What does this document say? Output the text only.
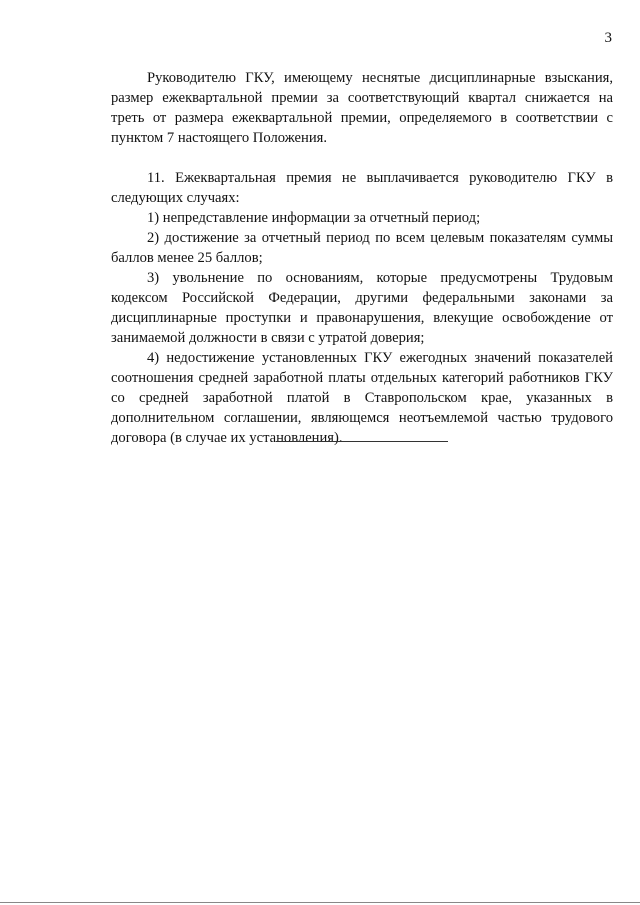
3

Руководителю ГКУ, имеющему неснятые дисциплинарные взыскания, размер ежеквартальной премии за соответствующий квартал снижается на треть от размера ежеквартальной премии, определяемого в соответствии с пунктом 7 настоящего Положения.

11. Ежеквартальная премия не выплачивается руководителю ГКУ в следующих случаях:

1) непредставление информации за отчетный период;

2) достижение за отчетный период по всем целевым показателям суммы баллов менее 25 баллов;

3) увольнение по основаниям, которые предусмотрены Трудовым кодексом Российской Федерации, другими федеральными законами за дисциплинарные проступки и правонарушения, влекущие освобождение от занимаемой должности в связи с утратой доверия;

4) недостижение установленных ГКУ ежегодных значений показателей соотношения средней заработной платы отдельных категорий работников ГКУ со средней заработной платой в Ставропольском крае, указанных в дополнительном соглашении, являющемся неотъемлемой частью трудового договора (в случае их установления).
